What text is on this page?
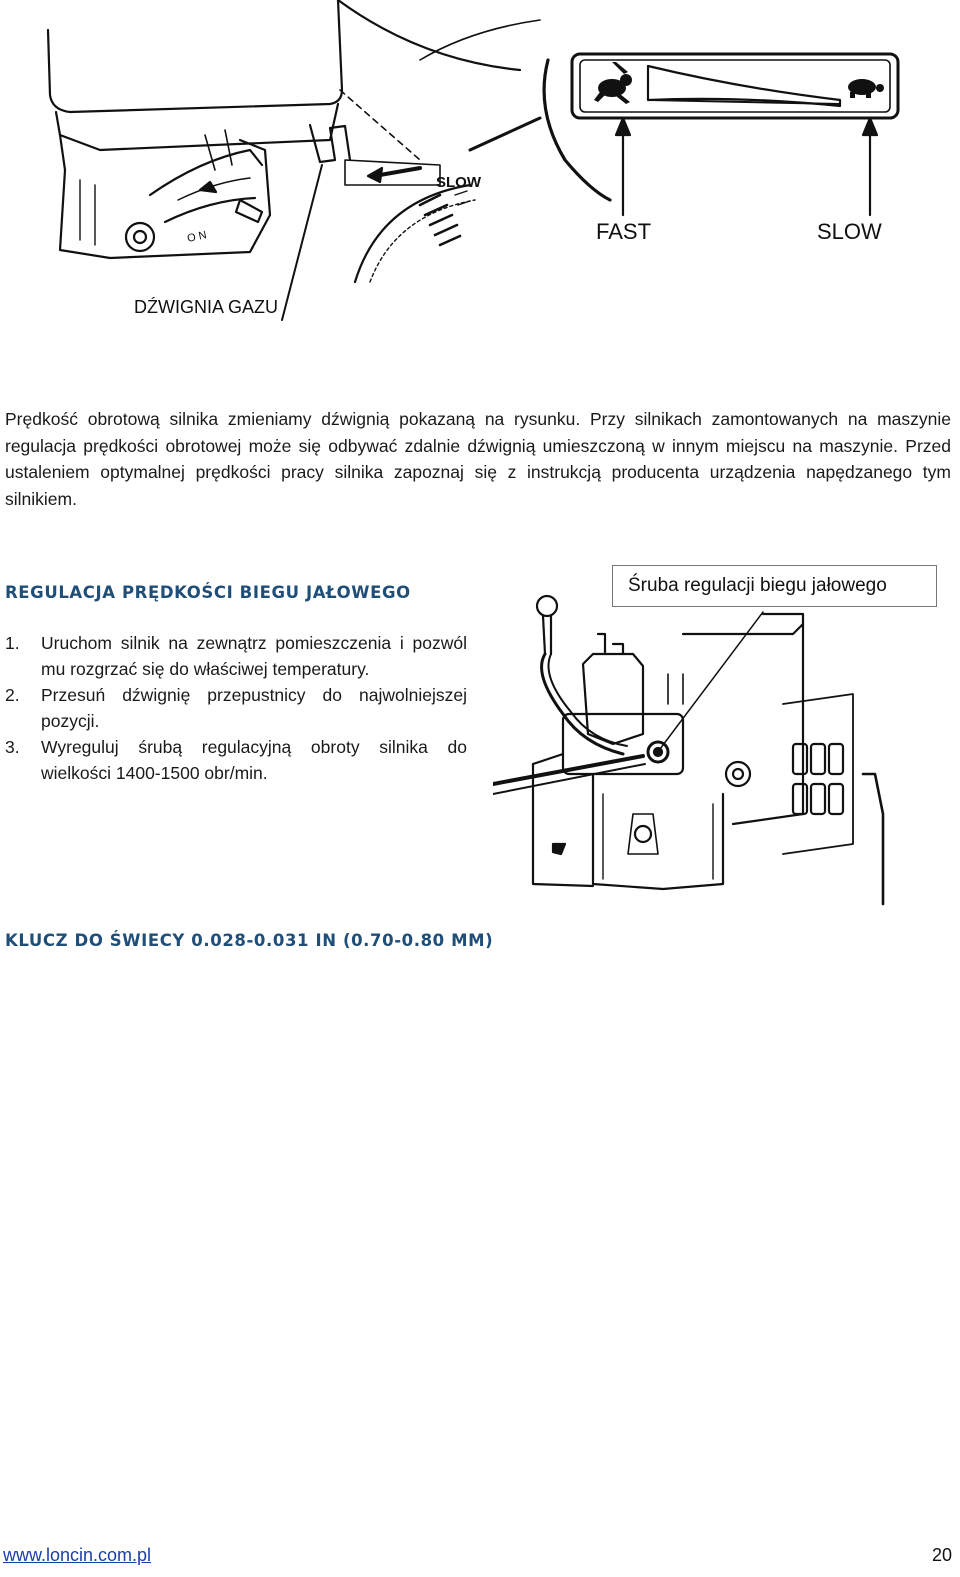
SLOW
O N
DŹWIGNIA GAZU
FAST	SLOW
Prędkość obrotową silnika zmieniamy dźwignią pokazaną na rysunku. Przy silnikach zamontowanych na maszynie regulacja prędkości obrotowej może się odbywać zdalnie dźwignią umieszczoną w innym miejscu na maszynie. Przed ustaleniem optymalnej prędkości pracy silnika zapoznaj się z instrukcją producenta urządzenia napędzanego tym silnikiem.
REGULACJA PRĘDKOŚCI BIEGU JAŁOWEGO
1. Uruchom silnik na zewnątrz pomieszczenia i pozwól mu rozgrzać się do właściwej temperatury.
2. Przesuń dźwignię przepustnicy do najwolniejszej pozycji.
3. Wyreguluj śrubą regulacyjną obroty silnika do wielkości 1400-1500 obr/min.
Śruba regulacji biegu jałowego
KLUCZ DO ŚWIECY 0.028-0.031 IN (0.70-0.80 MM)
www.loncin.com.pl	20
